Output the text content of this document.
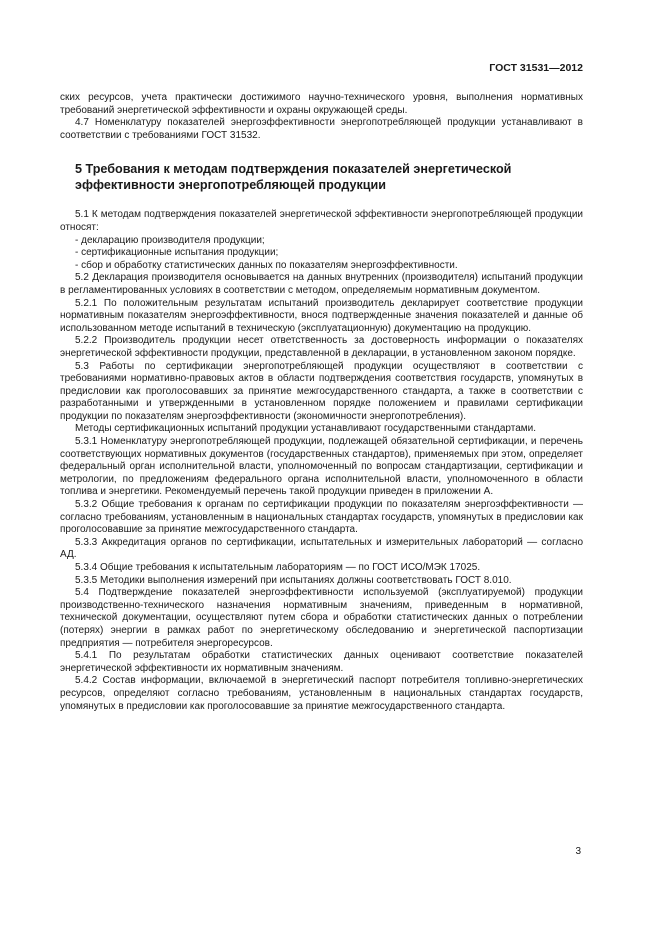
ГОСТ 31531—2012
ских ресурсов, учета практически достижимого научно-технического уровня, выполнения нормативных требований энергетической эффективности и охраны окружающей среды.
4.7 Номенклатуру показателей энергоэффективности энергопотребляющей продукции устанавливают в соответствии с требованиями ГОСТ 31532.
5 Требования к методам подтверждения показателей энергетической эффективности энергопотребляющей продукции
5.1 К методам подтверждения показателей энергетической эффективности энергопотребляющей продукции относят:
- декларацию производителя продукции;
- сертификационные испытания продукции;
- сбор и обработку статистических данных по показателям энергоэффективности.
5.2 Декларация производителя основывается на данных внутренних (производителя) испытаний продукции в регламентированных условиях в соответствии с методом, определяемым нормативным документом.
5.2.1 По положительным результатам испытаний производитель декларирует соответствие продукции нормативным показателям энергоэффективности, внося подтвержденные значения показателей и данные об использованном методе испытаний в техническую (эксплуатационную) документацию на продукцию.
5.2.2 Производитель продукции несет ответственность за достоверность информации о показателях энергетической эффективности продукции, представленной в декларации, в установленном законом порядке.
5.3 Работы по сертификации энергопотребляющей продукции осуществляют в соответствии с требованиями нормативно-правовых актов в области подтверждения соответствия государств, упомянутых в предисловии как проголосовавших за принятие межгосударственного стандарта, а также в соответствии с разработанными и утвержденными в установленном порядке положением и правилами сертификации продукции по показателям энергоэффективности (экономичности энергопотребления).
Методы сертификационных испытаний продукции устанавливают государственными стандартами.
5.3.1 Номенклатуру энергопотребляющей продукции, подлежащей обязательной сертификации, и перечень соответствующих нормативных документов (государственных стандартов), применяемых при этом, определяет федеральный орган исполнительной власти, уполномоченный по вопросам стандартизации, сертификации и метрологии, по предложениям федерального органа исполнительной власти, уполномоченного в области топлива и энергетики. Рекомендуемый перечень такой продукции приведен в приложении А.
5.3.2 Общие требования к органам по сертификации продукции по показателям энергоэффективности — согласно требованиям, установленным в национальных стандартах государств, упомянутых в предисловии как проголосовавшие за принятие межгосударственного стандарта.
5.3.3 Аккредитация органов по сертификации, испытательных и измерительных лабораторий — согласно АД.
5.3.4 Общие требования к испытательным лабораториям — по ГОСТ ИСО/МЭК 17025.
5.3.5 Методики выполнения измерений при испытаниях должны соответствовать ГОСТ 8.010.
5.4 Подтверждение показателей энергоэффективности используемой (эксплуатируемой) продукции производственно-технического назначения нормативным значениям, приведенным в нормативной, технической документации, осуществляют путем сбора и обработки статистических данных о потреблении (потерях) энергии в рамках работ по энергетическому обследованию и энергетической паспортизации предприятия — потребителя энергоресурсов.
5.4.1 По результатам обработки статистических данных оценивают соответствие показателей энергетической эффективности их нормативным значениям.
5.4.2 Состав информации, включаемой в энергетический паспорт потребителя топливно-энергетических ресурсов, определяют согласно требованиям, установленным в национальных стандартах государств, упомянутых в предисловии как проголосовавшие за принятие межгосударственного стандарта.
3
